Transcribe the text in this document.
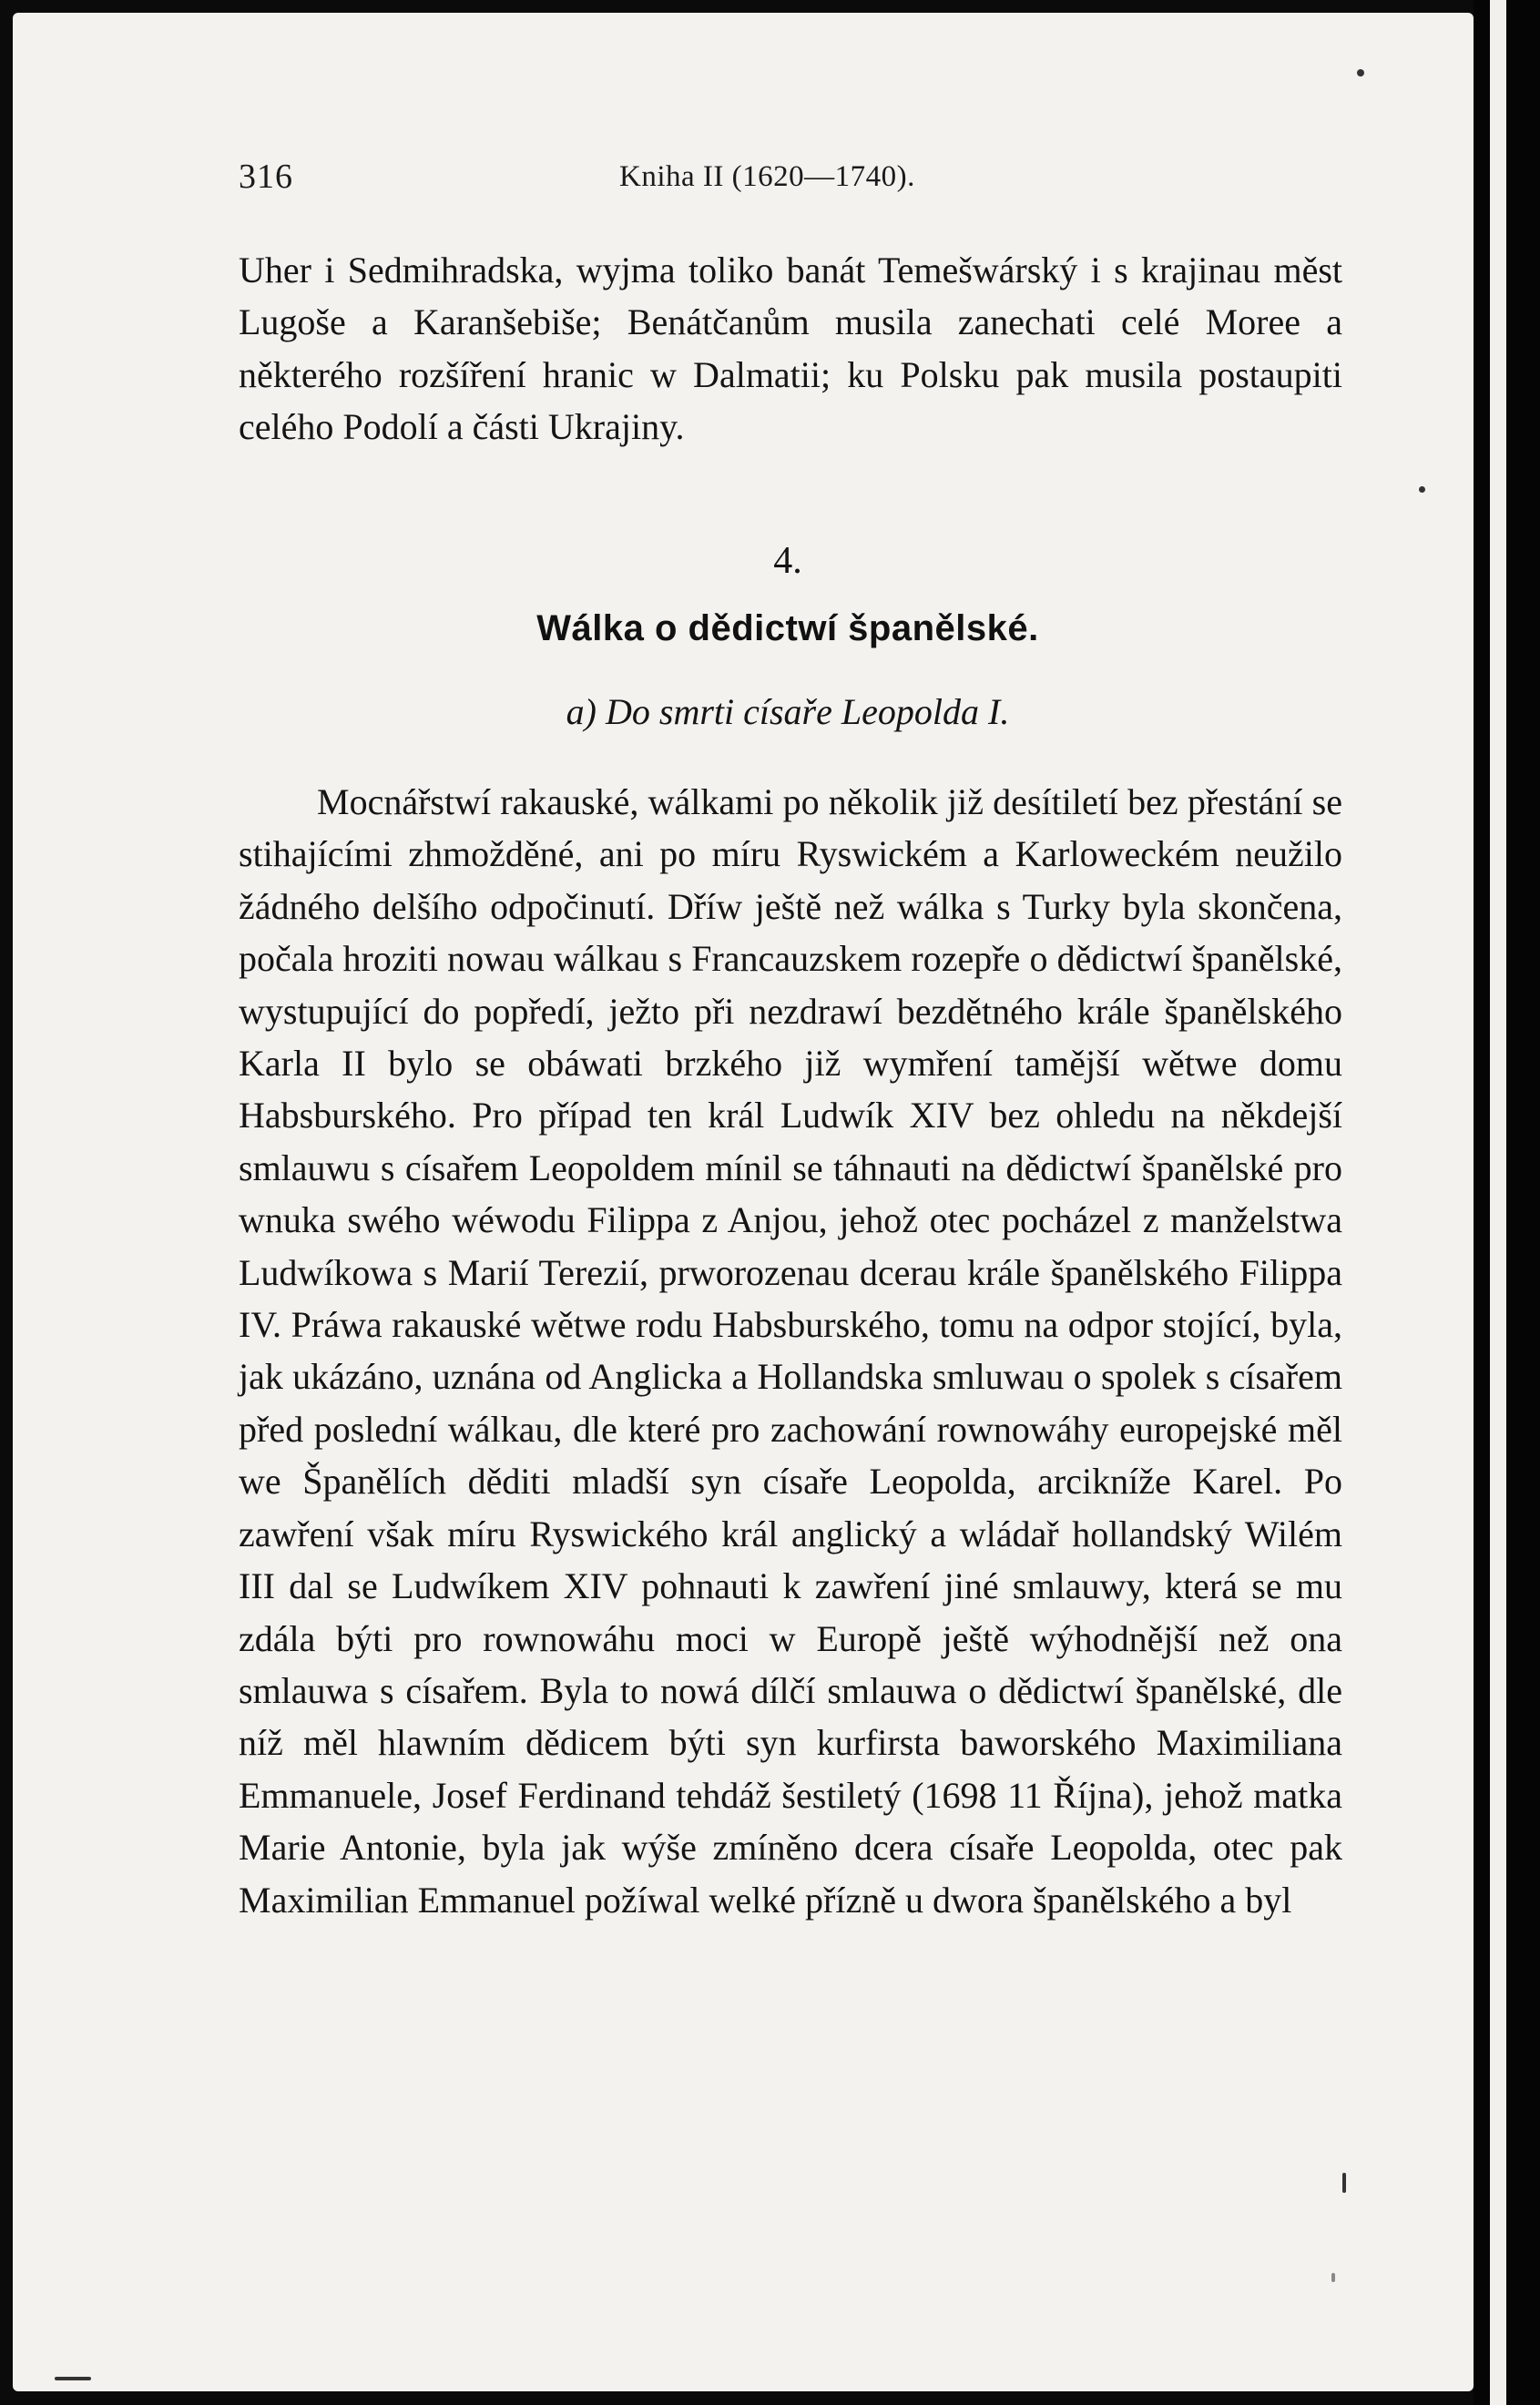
316	Kniha II (1620—1740).

Uher i Sedmihradska, wyjma toliko banát Temešwárský i s krajinau měst Lugoše a Karanšebiše; Benátčanům musila zanechati celé Moree a některého rozšíření hranic w Dalmatii; ku Polsku pak musila postaupiti celého Podolí a části Ukrajiny.

4.
Wálka o dědictwí španělské.
a) Do smrti císaře Leopolda I.

Mocnářstwí rakauské, wálkami po několik již desítiletí bez přestání se stihajícími zhmožděné, ani po míru Ryswickém a Karloweckém neužilo žádného delšího odpočinutí. Dříw ještě než wálka s Turky byla skončena, počala hroziti nowau wálkau s Francauzskem rozepře o dědictwí španělské, wystupující do popředí, ježto při nezdrawí bezdětného krále španělského Karla II bylo se obáwati brzkého již wymření tamější wětwe domu Habsburského. Pro případ ten král Ludwík XIV bez ohledu na někdejší smlauwu s císařem Leopoldem mínil se táhnauti na dědictwí španělské pro wnuka swého wéwodu Filippa z Anjou, jehož otec pocházel z manželstwa Ludwíkowa s Marií Terezií, prworozenau dcerau krále španělského Filippa IV. Práwa rakauské wětwe rodu Habsburského, tomu na odpor stojící, byla, jak ukázáno, uznána od Anglicka a Hollandska smluwau o spolek s císařem před poslední wálkau, dle které pro zachowání rownowáhy europejské měl we Španělích děditi mladší syn císaře Leopolda, arcikníže Karel. Po zawření však míru Ryswického král anglický a wládař hollandský Wilém III dal se Ludwíkem XIV pohnauti k zawření jiné smlauwy, která se mu zdála býti pro rownowáhu moci w Europě ještě wýhodnější než ona smlauwa s císařem. Byla to nowá dílčí smlauwa o dědictwí španělské, dle níž měl hlawním dědicem býti syn kurfirsta baworského Maximiliana Emmanuele, Josef Ferdinand tehdáž šestiletý (1698 11 Října), jehož matka Marie Antonie, byla jak wýše zmíněno dcera císaře Leopolda, otec pak Maximilian Emmanuel požíwal welké přízně u dwora španělského a byl
